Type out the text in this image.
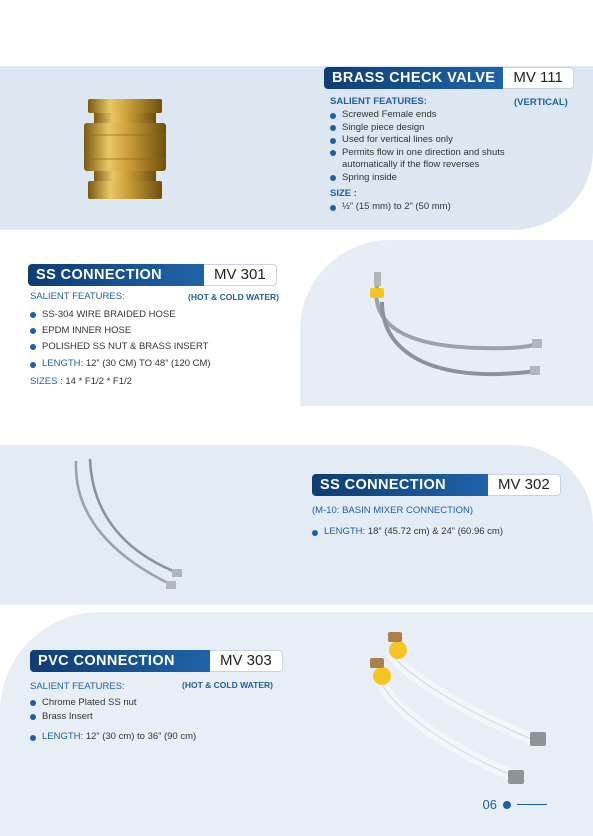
BRASS CHECK VALVE	MV 111
SALIENT FEATURES:	(VERTICAL)
Screwed Female ends
Single piece design
Used for vertical lines only
Permits flow in one direction and shuts automatically if the flow reverses
Spring inside
SIZE :
½” (15 mm) to 2” (50 mm)
SS CONNECTION	MV 301
SALIENT FEATURES:	(HOT & COLD WATER)
SS-304 WIRE BRAIDED HOSE
EPDM INNER HOSE
POLISHED SS NUT & BRASS INSERT
LENGTH: 12” (30 CM) TO 48” (120 CM)
SIZES : 14 * F1/2 * F1/2
SS CONNECTION	MV 302
(M-10: BASIN MIXER CONNECTION)
LENGTH: 18” (45.72 cm) & 24” (60.96 cm)
PVC CONNECTION	MV 303
SALIENT FEATURES:	(HOT & COLD WATER)
Chrome Plated SS nut
Brass Insert
LENGTH: 12” (30 cm) to 36” (90 cm)
06
